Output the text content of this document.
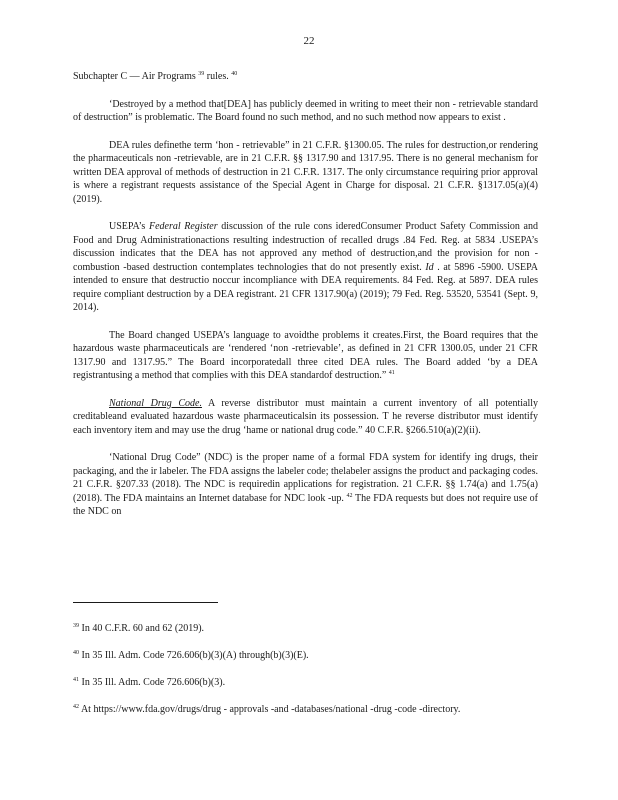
22

Subchapter C — Air Programs $^{39}$ rules. $^{40}$

‘Destroyed by a method that[DEA] has publicly deemed in writing to meet their non - retrievable standard of destruction” is problematic. The Board found no such method, and no such method now appears to exist .

DEA rules definethe term ‘hon - retrievable” in 21 C.F.R. §1300.05. The rules for destruction,or rendering the pharmaceuticals non -retrievable, are in 21 C.F.R. §§ 1317.90 and 1317.95. There is no general mechanism for written DEA approval of methods of destruction in 21 C.F.R. 1317. The only circumstance requiring prior approval is where a registrant requests assistance of the Special Agent in Charge for disposal. 21 C.F.R. §1317.05(a)(4) (2019).

USEPA’s Federal Register discussion of the rule cons ideredConsumer Product Safety Commission and Food and Drug Administrationactions resulting indestruction of recalled drugs .84 Fed. Reg. at 5834 .USEPA’s discussion indicates that the DEA has not approved any method of destruction,and the provision for non - combustion -based destruction contemplates technologies that do not presently exist. Id . at 5896 -5900. USEPA intended to ensure that destructio noccur incompliance with DEA requirements. 84 Fed. Reg. at 5897. DEA rules require compliant destruction by a DEA registrant. 21 CFR 1317.90(a) (2019); 79 Fed. Reg. 53520, 53541 (Sept. 9, 2014).

The Board changed USEPA’s language to avoidthe problems it creates.First, the Board requires that the hazardous waste pharmaceuticals are ‘rendered ‘non -retrievable’, as defined in 21 CFR 1300.05, under 21 CFR 1317.90 and 1317.95.” The Board incorporatedall three cited DEA rules. The Board added ‘by a DEA registrantusing a method that complies with this DEA standardof destruction.” $^{41}$

National Drug Code. A reverse distributor must maintain a current inventory of all potentially creditableand evaluated hazardous waste pharmaceuticalsin its possession. T he reverse distributor must identify each inventory item and may use the drug ‘hame or national drug code.” 40 C.F.R. §266.510(a)(2)(ii).

‘National Drug Code” (NDC) is the proper name of a formal FDA system for identify ing drugs, their packaging, and the ir labeler. The FDA assigns the labeler code; thelabeler assigns the product and packaging codes. 21 C.F.R. §207.33 (2018). The NDC is requiredin applications for registration. 21 C.F.R. §§ 1.74(a) and 1.75(a) (2018). The FDA maintains an Internet database for NDC look -up. $^{42}$ The FDA requests but does not require use of the NDC on

$^{39}$ In 40 C.F.R. 60 and 62 (2019).
$^{40}$ In 35 Ill. Adm. Code 726.606(b)(3)(A) through(b)(3)(E).
$^{41}$ In 35 Ill. Adm. Code 726.606(b)(3).
$^{42}$ At https://www.fda.gov/drugs/drug - approvals -and -databases/national -drug -code -directory.
